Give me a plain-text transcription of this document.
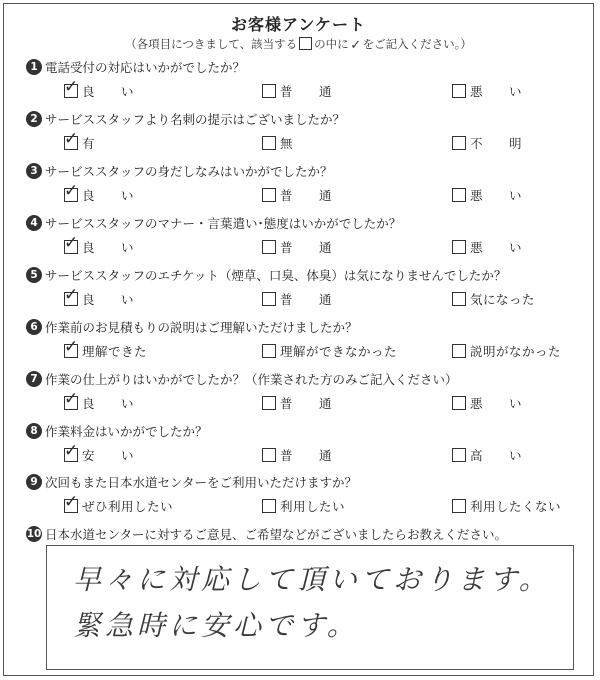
お客様アンケート
（各項目につきまして、該当する の中に ✓ をご記入ください。）
1 電話受付の対応はいかがでしたか？
✓ 良　　い	普　　通	悪　　い
2 サービススタッフより名刺の提示はございましたか？
✓ 有	無	不　　明
3 サービススタッフの身だしなみはいかがでしたか？
✓ 良　　い	普　　通	悪　　い
4 サービススタッフのマナー・言葉遣い･態度はいかがでしたか？
✓ 良　　い	普　　通	悪　　い
5 サービススタッフのエチケット（煙草、口臭、体臭）は気になりませんでしたか？
✓ 良　　い	普　　通	気になった
6 作業前のお見積もりの説明はご理解いただけましたか？
✓ 理解できた	理解ができなかった	説明がなかった
7 作業の仕上がりはいかがでしたか？（作業された方のみご記入ください）
✓ 良　　い	普　　通	悪　　い
8 作業料金はいかがでしたか？
✓ 安　　い	普　　通	高　　い
9 次回もまた日本水道センターをご利用いただけますか？
✓ ぜひ利用したい	利用したい	利用したくない
10 日本水道センターに対するご意見、ご希望などがございましたらお教えください。
早々に対応して頂いております。
緊急時に安心です。
